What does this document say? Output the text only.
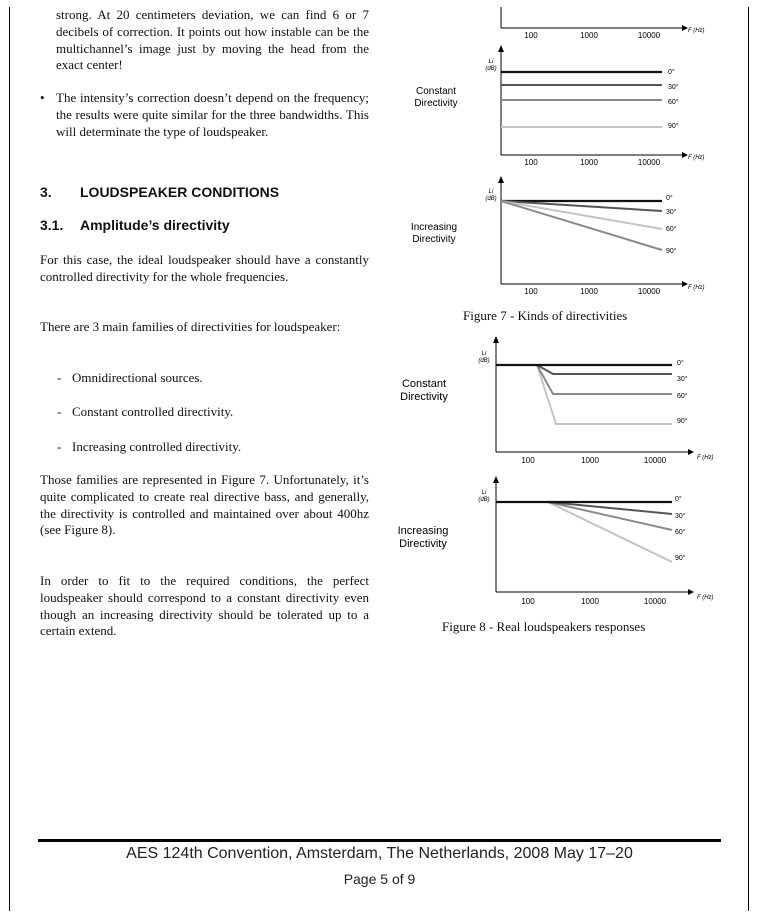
strong. At 20 centimeters deviation, we can find 6 or 7 decibels of correction. It points out how instable can be the multichannel’s image just by moving the head from the exact center!

• The intensity’s correction doesn’t depend on the frequency; the results were quite similar for the three bandwidths. This will determinate the type of loudspeaker.
3. LOUDSPEAKER CONDITIONS
3.1. Amplitude’s directivity

For this case, the ideal loudspeaker should have a constantly controlled directivity for the whole frequencies.

There are 3 main families of directivities for loudspeaker:

- Omnidirectional sources.
- Constant controlled directivity.
- Increasing controlled directivity.

Those families are represented in Figure 7. Unfortunately, it’s quite complicated to create real directive bass, and generally, the directivity is controlled and maintained over about 400hz (see Figure 8).

In order to fit to the required conditions, the perfect loudspeaker should correspond to a constant directivity even though an increasing directivity should be tolerated up to a certain extend.

100	1000	10000	F (Hz)
Constant
Directivity
Li
(dB)	0°
30°
60°
90°
100	1000	10000	F (Hz)
Increasing
Directivity
Li
(dB)	0°
30°
60°
90°
100	1000	10000	F (Hz)
Constant
Directivity
Li
(dB)	0°
30°
60°
90°
100	1000	10000	F (Hz)
Increasing
Directivity
Li
(dB)	0°
30°
60°
90°
100	1000	10000	F (Hz)
Figure 7 - Kinds of directivities
Figure 8 - Real loudspeakers responses
AES 124th Convention, Amsterdam, The Netherlands, 2008 May 17–20
Page 5 of 9
